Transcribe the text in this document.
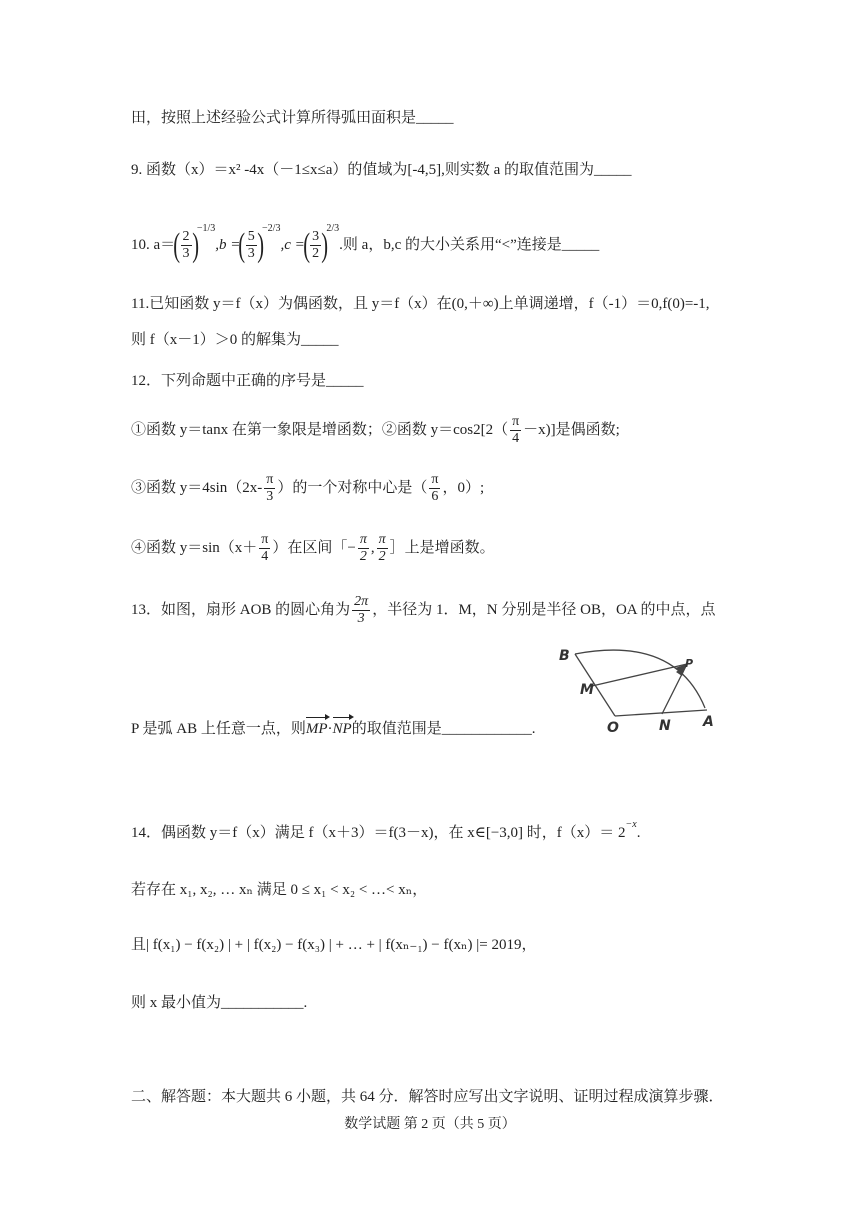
田，按照上述经验公式计算所得弧田面积是_____
9. 函数（x）＝x² -4x（－1≤x≤a）的值域为[-4,5],则实数 a 的取值范围为_____
10. $a=( \frac{2}{3} )^{-1/3},b$ =( $\frac{5}{3} )^{-2/3},c$ =( $\frac{3}{2} )^{2/3}$.则 a，b,c 的大小关系用“<”连接是_____
11.已知函数 y＝f（x）为偶函数，且 y＝f（x）在(0,＋∞)上单调递增，f（-1）＝0,f(0)=-1,
则 f（x－1）＞0 的解集为_____
12．下列命题中正确的序号是_____
①函数 y＝tanx 在第一象限是增函数；②函数 $y=\cos 2[2( \frac{\pi}{4} -x)]$是偶函数;
③函数 $y=4\sin(2x- \frac{\pi}{3}$ ）的一个对称中心是（ $\frac{\pi}{6}$ ，0）;
④函数 $y=\sin(x+ \frac{\pi}{4}$ ）在区间「− $\frac{\pi}{2}$ , $\frac{\pi}{2}$ ］上是增函数。
13．如图，扇形 AOB 的圆心角为 $\frac{2\pi}{3}$ ，半径为 1．M，N 分别是半径 OB，OA 的中点，点
B	P
M
O	N A
P 是弧 AB 上任意一点，则MP·NP的取值范围是____________.
14．偶函数 y＝f（x）满足 f（x＋3）＝f(3－x)，在 x∈[−3,0] 时，$f(x)= 2^{-x}$.
若存在 x₁, x₂, … xₙ 满足 0 ≤ x₁ < x₂ < …< xₙ，
且| f(x₁) − f(x₂) | + | f(x₂) − f(x₃) | + … + | f(xₙ₋₁) − f(xₙ) |= 2019，
则 x 最小值为___________.
二、解答题：本大题共 6 小题，共 64 分．解答时应写出文字说明、证明过程成演算步骤．
数学试题 第 2 页（共 5 页）
